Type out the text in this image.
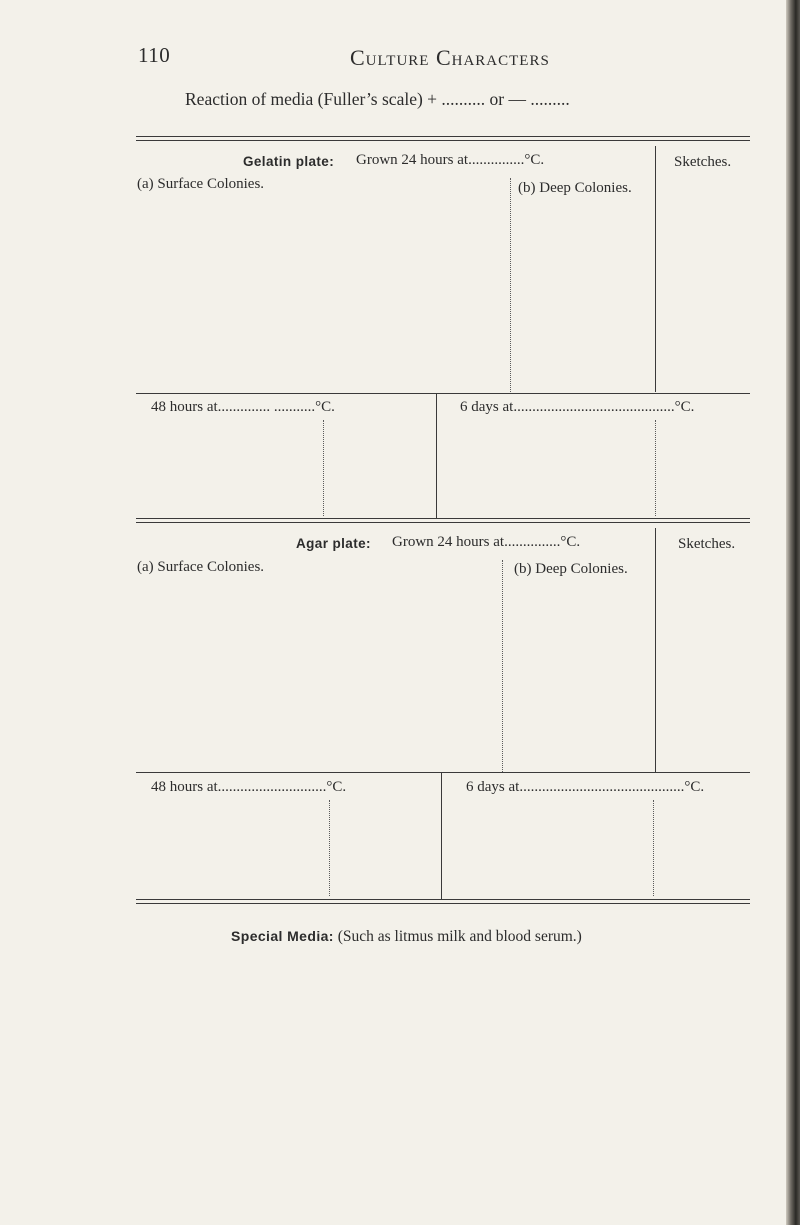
110	Culture Characters
Reaction of media (Fuller’s scale) + .......... or — .........
Gelatin plate: Grown 24 hours at...............°C.	Sketches.
(a) Surface Colonies.	(b) Deep Colonies.
48 hours at.............. ...........°C.	6 days at...........................................°C.
Agar plate: Grown 24 hours at...............°C.	Sketches.
(a) Surface Colonies.	(b) Deep Colonies.
48 hours at.............................°C.	6 days at............................................°C.
Special Media: (Such as litmus milk and blood serum.)
